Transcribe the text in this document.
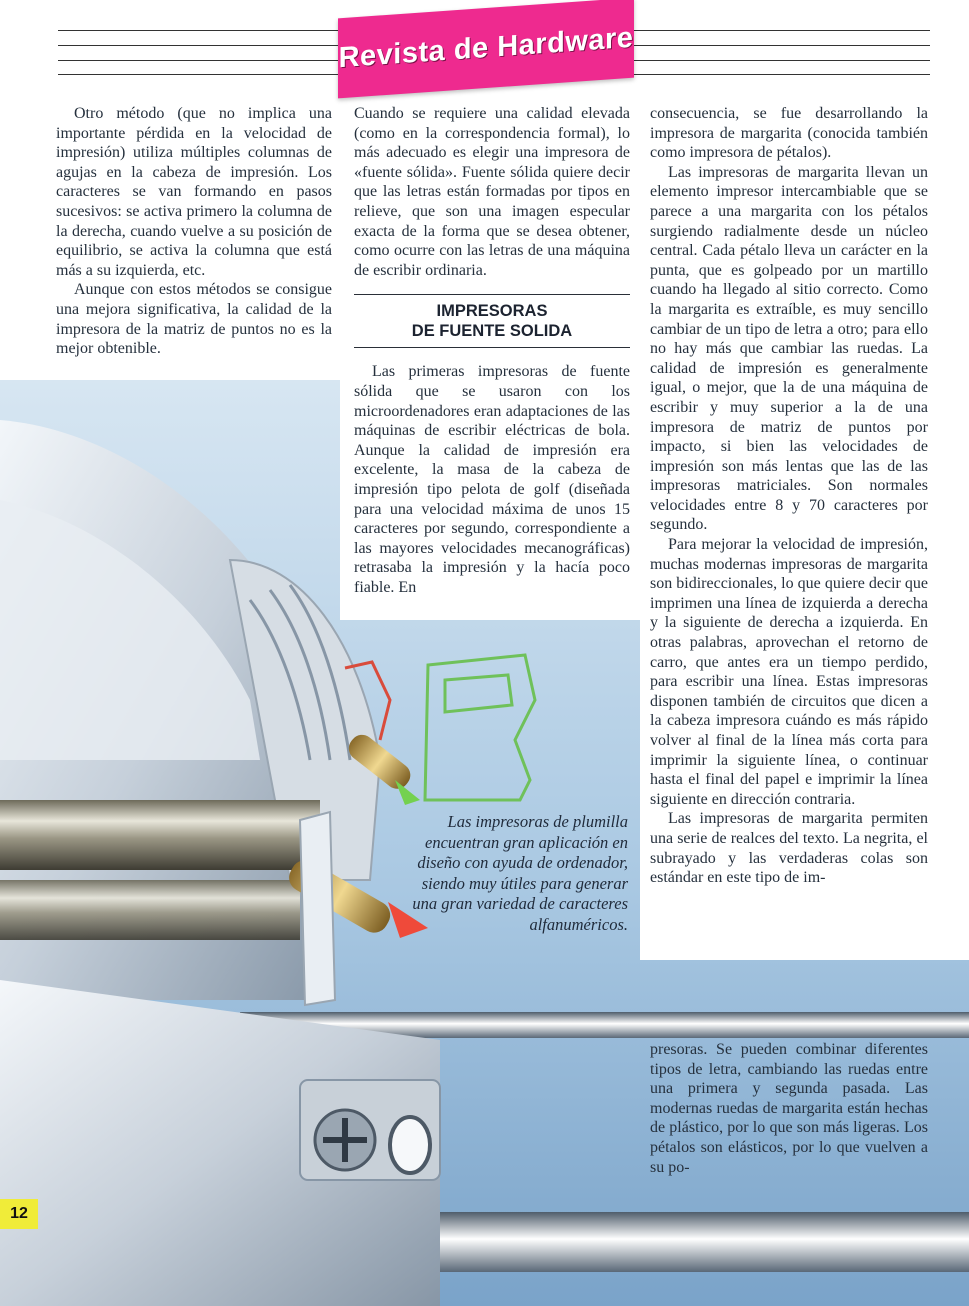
Revista de Hardware

Otro método (que no implica una importante pérdida en la velocidad de impresión) utiliza múltiples columnas de agujas en la cabeza de impresión. Los caracteres se van formando en pasos sucesivos: se activa primero la columna de la derecha, cuando vuelve a su posición de equilibrio, se activa la columna que está más a su izquierda, etc.

Aunque con estos métodos se consigue una mejora significativa, la calidad de la impresora de la matriz de puntos no es la mejor obtenible.

Cuando se requiere una calidad elevada (como en la correspondencia formal), lo más adecuado es elegir una impresora de «fuente sólida». Fuente sólida quiere decir que las letras están formadas por tipos en relieve, que son una imagen especular exacta de la forma que se desea obtener, como ocurre con las letras de una máquina de escribir ordinaria.

IMPRESORAS
DE FUENTE SOLIDA

Las primeras impresoras de fuente sólida que se usaron con los microordenadores eran adaptaciones de las máquinas de escribir eléctricas de bola. Aunque la calidad de impresión era excelente, la masa de la cabeza de impresión tipo pelota de golf (diseñada para una velocidad máxima de unos 15 caracteres por segundo, correspondiente a las mayores velocidades mecanográficas) retrasaba la impresión y la hacía poco fiable. En

consecuencia, se fue desarrollando la impresora de margarita (conocida también como impresora de pétalos).

Las impresoras de margarita llevan un elemento impresor intercambiable que se parece a una margarita con los pétalos surgiendo radialmente desde un núcleo central. Cada pétalo lleva un carácter en la punta, que es golpeado por un martillo cuando ha llegado al sitio correcto. Como la margarita es extraíble, es muy sencillo cambiar de un tipo de letra a otro; para ello no hay más que cambiar las ruedas. La calidad de impresión es generalmente igual, o mejor, que la de una máquina de escribir y muy superior a la de una impresora de matriz de puntos por impacto, si bien las velocidades de impresión son más lentas que las de las impresoras matriciales. Son normales velocidades entre 8 y 70 caracteres por segundo.

Para mejorar la velocidad de impresión, muchas modernas impresoras de margarita son bidireccionales, lo que quiere decir que imprimen una línea de izquierda a derecha y la siguiente de derecha a izquierda. En otras palabras, aprovechan el retorno de carro, que antes era un tiempo perdido, para escribir una línea. Estas impresoras disponen también de circuitos que dicen a la cabeza impresora cuándo es más rápido volver al final de la línea más corta para imprimir la siguiente línea, o continuar hasta el final del papel e imprimir la línea siguiente en dirección contraria.

Las impresoras de margarita permiten una serie de realces del texto. La negrita, el subrayado y las verdaderas colas son estándar en este tipo de im-

presoras. Se pueden combinar diferentes tipos de letra, cambiando las ruedas entre una primera y segunda pasada. Las modernas ruedas de margarita están hechas de plástico, por lo que son más ligeras. Los pétalos son elásticos, por lo que vuelven a su po-

Las impresoras de plumilla encuentran gran aplicación en diseño con ayuda de ordenador, siendo muy útiles para generar una gran variedad de caracteres alfanuméricos.
12
